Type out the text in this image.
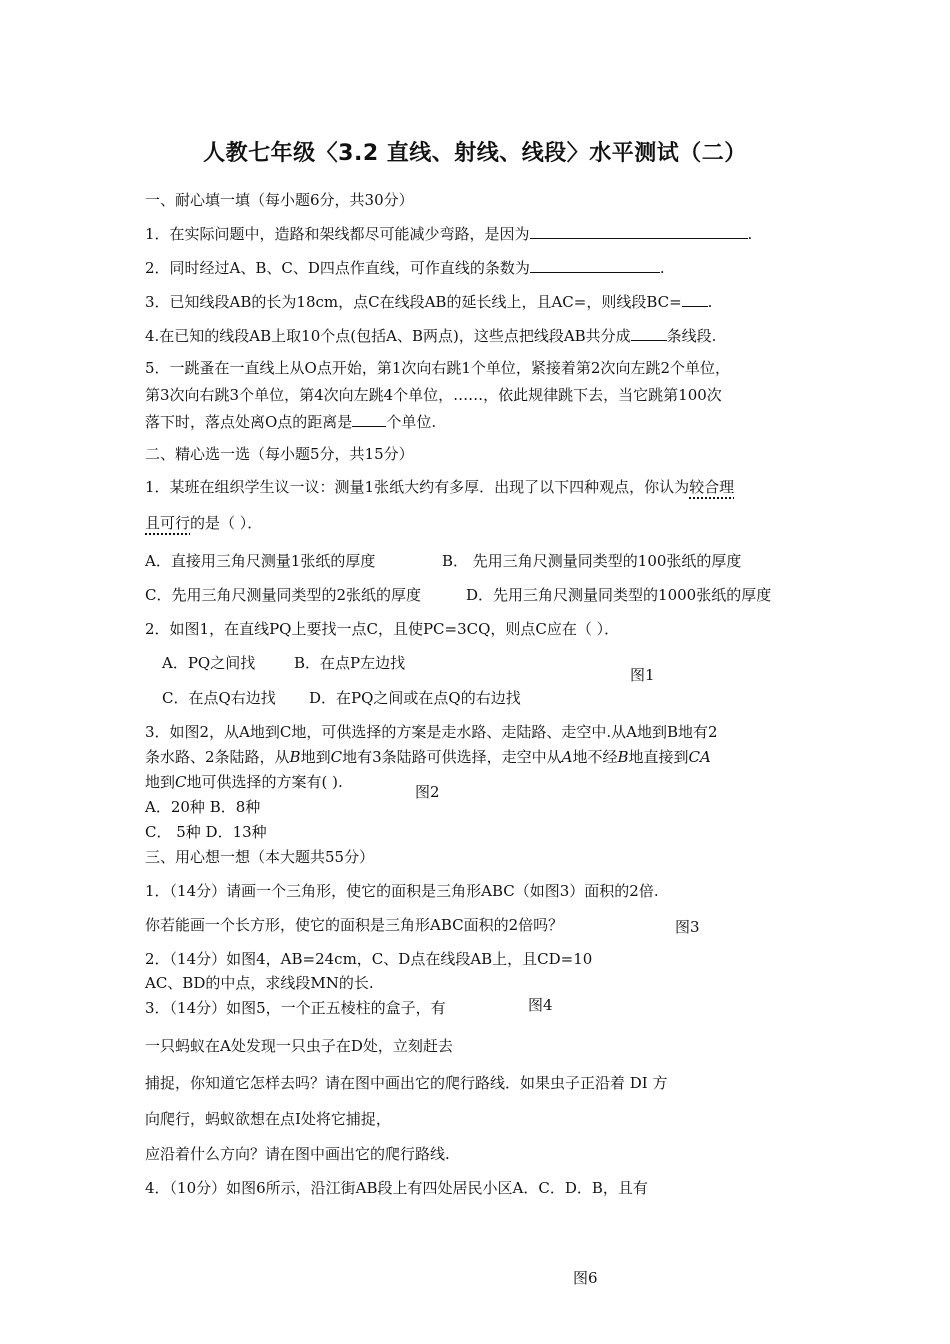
人教七年级〈3.2 直线、射线、线段〉水平测试（二）
一、耐心填一填（每小题6分，共30分）
1．在实际问题中，造路和架线都尽可能减少弯路，是因为	.
2．同时经过A、B、C、D四点作直线，可作直线的条数为	.
3．已知线段AB的长为18cm，点C在线段AB的延长线上，且AC=，则线段BC= .
4.在已知的线段AB上取10个点(包括A、B两点)，这些点把线段AB共分成 条线段.
5．一跳蚤在一直线上从O点开始，第1次向右跳1个单位，紧接着第2次向左跳2个单位，
第3次向右跳3个单位，第4次向左跳4个单位，……，依此规律跳下去，当它跳第100次
落下时，落点处离O点的距离是 个单位.
二、精心选一选（每小题5分，共15分）
1．某班在组织学生议一议：测量1张纸大约有多厚．出现了以下四种观点，你认为较合理
且可行的是（ ）．
A．直接用三角尺测量1张纸的厚度	B． 先用三角尺测量同类型的100张纸的厚度
C．先用三角尺测量同类型的2张纸的厚度	D．先用三角尺测量同类型的1000张纸的厚度
2．如图1，在直线PQ上要找一点C，且使PC=3CQ，则点C应在（ ）．
A．PQ之间找	B．在点P左边找
图1
C．在点Q右边找 D．在PQ之间或在点Q的右边找
3．如图2，从A地到C地，可供选择的方案是走水路、走陆路、走空中.从A地到B地有2
条水路、2条陆路，从B地到C地有3条陆路可供选择，走空中从A地不经B地直接到CA
地到C地可供选择的方案有( ).
图2
A．20种 B．8种
C． 5种 D．13种
三、用心想一想（本大题共55分）
1．（14分）请画一个三角形，使它的面积是三角形ABC（如图3）面积的2倍.
你若能画一个长方形，使它的面积是三角形ABC面积的2倍吗？	图3
2．（14分）如图4，AB=24cm，C、D点在线段AB上，且CD=10
AC、BD的中点，求线段MN的长.
图4
3．（14分）如图5，一个正五棱柱的盒子，有
一只蚂蚁在A处发现一只虫子在D处，立刻赶去
捕捉，你知道它怎样去吗？请在图中画出它的爬行路线．如果虫子正沿着 DI 方
向爬行，蚂蚁欲想在点I处将它捕捉，
应沿着什么方向？请在图中画出它的爬行路线.
4．（10分）如图6所示，沿江街AB段上有四处居民小区A．C．D．B，且有
图6
